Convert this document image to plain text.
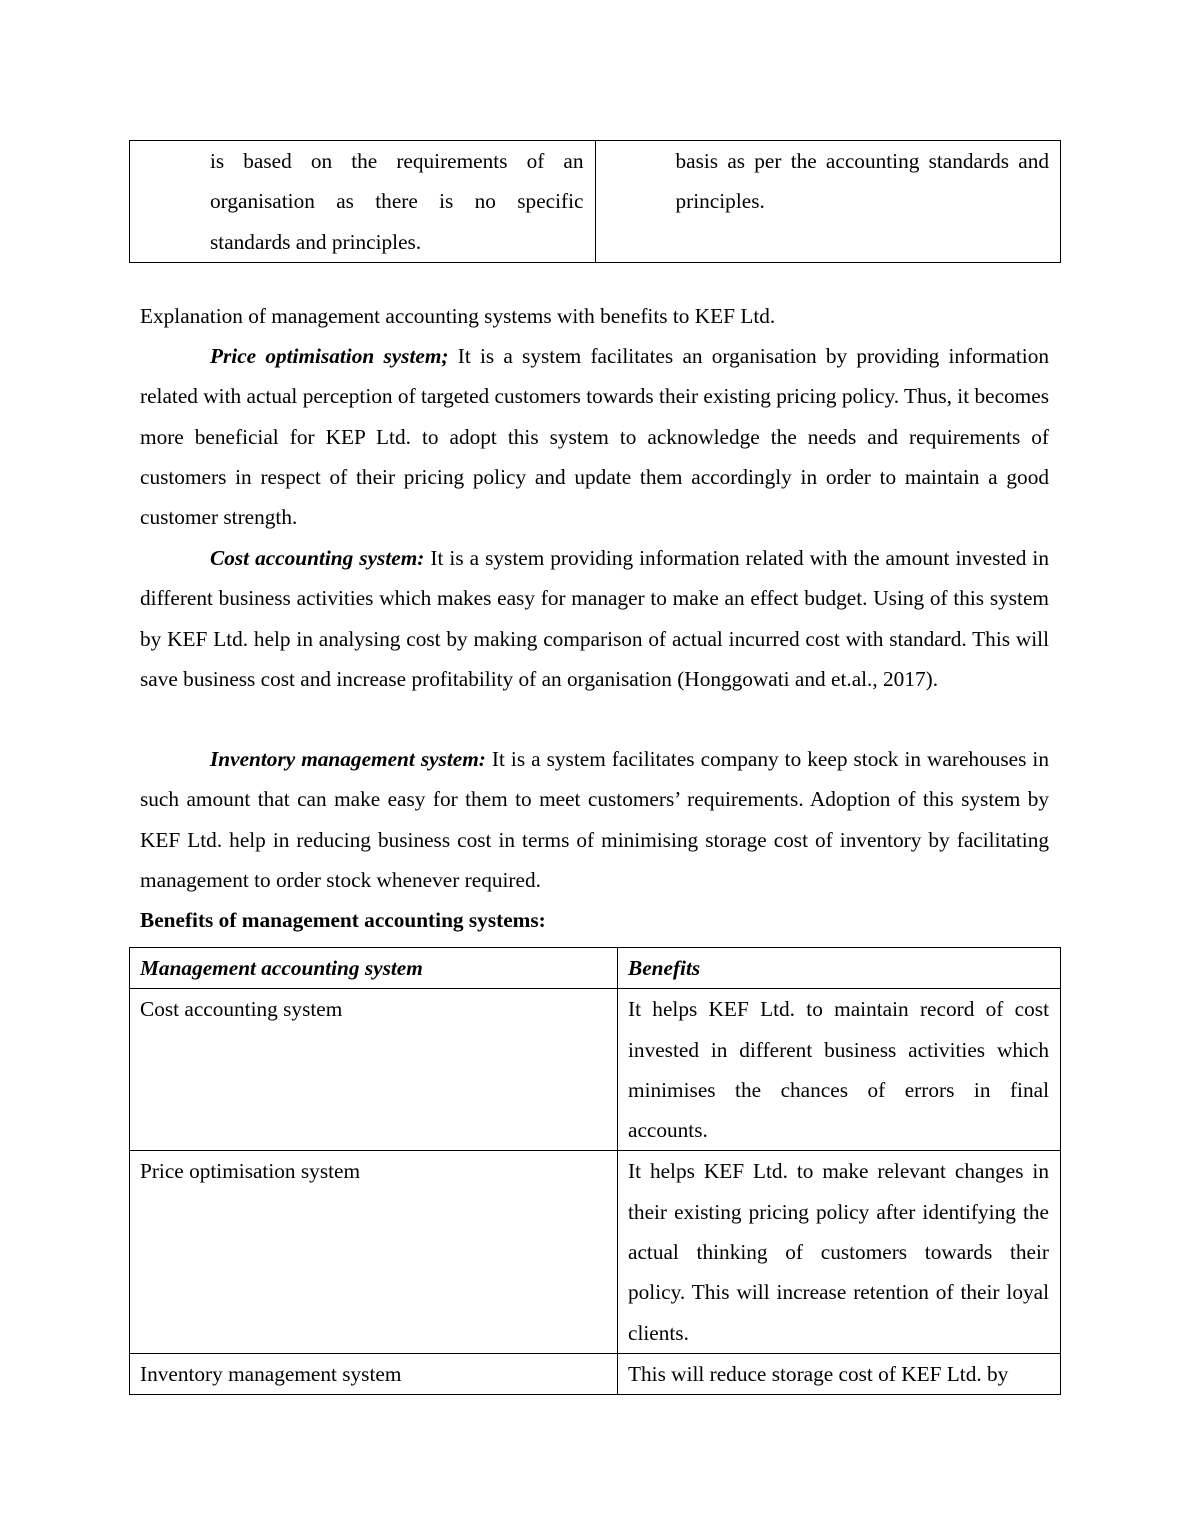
is based on the requirements of an organisation as there is no specific standards and principles.	basis as per the accounting standards and principles.

Explanation of management accounting systems with benefits to KEF Ltd.

Price optimisation system; It is a system facilitates an organisation by providing information related with actual perception of targeted customers towards their existing pricing policy. Thus, it becomes more beneficial for KEP Ltd. to adopt this system to acknowledge the needs and requirements of customers in respect of their pricing policy and update them accordingly in order to maintain a good customer strength.

Cost accounting system: It is a system providing information related with the amount invested in different business activities which makes easy for manager to make an effect budget. Using of this system by KEF Ltd. help in analysing cost by making comparison of actual incurred cost with standard. This will save business cost and increase profitability of an organisation (Honggowati and et.al., 2017).

Inventory management system: It is a system facilitates company to keep stock in warehouses in such amount that can make easy for them to meet customers’ requirements. Adoption of this system by KEF Ltd. help in reducing business cost in terms of minimising storage cost of inventory by facilitating management to order stock whenever required.

Benefits of management accounting systems:

Management accounting system	Benefits
Cost accounting system	It helps KEF Ltd. to maintain record of cost invested in different business activities which minimises the chances of errors in final accounts.
Price optimisation system	It helps KEF Ltd. to make relevant changes in their existing pricing policy after identifying the actual thinking of customers towards their policy. This will increase retention of their loyal clients.
Inventory management system	This will reduce storage cost of KEF Ltd. by
